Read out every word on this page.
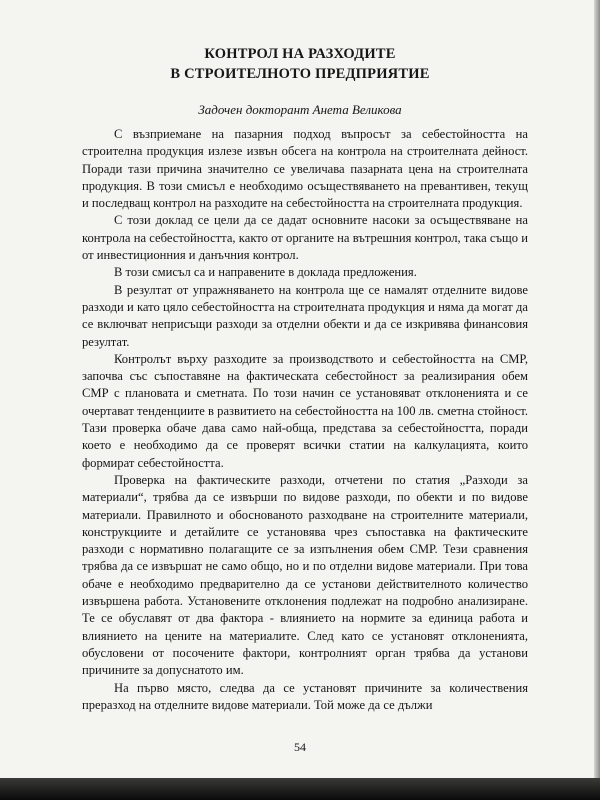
КОНТРОЛ НА РАЗХОДИТЕ
В СТРОИТЕЛНОТО ПРЕДПРИЯТИЕ
Задочен докторант Анета Великова

С възприемане на пазарния подход въпросът за себестойността на строителна продукция излезе извън обсега на контрола на строителната дейност. Поради тази причина значително се увеличава пазарната цена на строителната продукция. В този смисъл е необходимо осъществяването на превантивен, текущ и последващ контрол на разходите на себестойността на строителната продукция.

С този доклад се цели да се дадат основните насоки за осъществяване на контрола на себестойността, както от органите на вътрешния контрол, така също и от инвестиционния и данъчния контрол.

В този смисъл са и направените в доклада предложения.

В резултат от упражняването на контрола ще се намалят отделните видове разходи и като цяло себестойността на строителната продукция и няма да могат да се включват неприсъщи разходи за отделни обекти и да се изкривява финансовия резултат.

Контролът върху разходите за производството и себестойността на СМР, започва със съпоставяне на фактическата себестойност за реализирания обем СМР с плановата и сметната. По този начин се установяват отклоненията и се очертават тенденциите в развитието на себестойността на 100 лв. сметна стойност. Тази проверка обаче дава само най-обща, представа за себестойността, поради което е необходимо да се проверят всички статии на калкулацията, които формират себестойността.

Проверка на фактическите разходи, отчетени по статия „Разходи за материали“, трябва да се извърши по видове разходи, по обекти и по видове материали. Правилното и обоснованото разходване на строителните материали, конструкциите и детайлите се установява чрез съпоставка на фактическите разходи с нормативно полагащите се за изпълнения обем СМР. Тези сравнения трябва да се извършат не само общо, но и по отделни видове материали. При това обаче е необходимо предварително да се установи действителното количество извършена работа. Установените отклонения подлежат на подробно анализиране. Те се обуславят от два фактора - влиянието на нормите за единица работа и влиянието на цените на материалите. След като се установят отклоненията, обусловени от посочените фактори, контролният орган трябва да установи причините за допуснатото им.

На първо място, следва да се установят причините за количествения преразход на отделните видове материали. Той може да се дължи

54
